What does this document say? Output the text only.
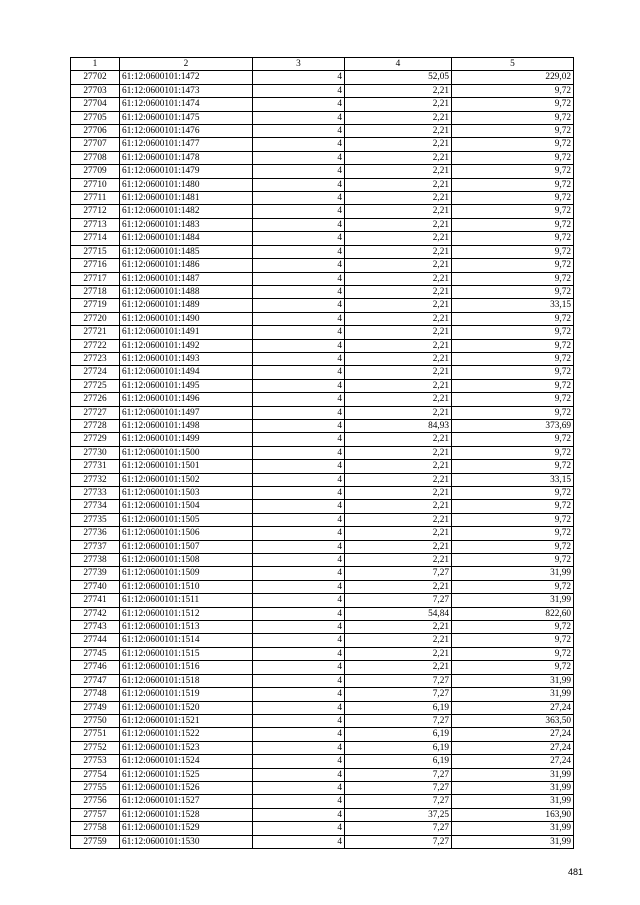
1	2	3	4	5
27702	61:12:0600101:1472	4	52,05	229,02
27703	61:12:0600101:1473	4	2,21	9,72
27704	61:12:0600101:1474	4	2,21	9,72
27705	61:12:0600101:1475	4	2,21	9,72
27706	61:12:0600101:1476	4	2,21	9,72
27707	61:12:0600101:1477	4	2,21	9,72
27708	61:12:0600101:1478	4	2,21	9,72
27709	61:12:0600101:1479	4	2,21	9,72
27710	61:12:0600101:1480	4	2,21	9,72
27711	61:12:0600101:1481	4	2,21	9,72
27712	61:12:0600101:1482	4	2,21	9,72
27713	61:12:0600101:1483	4	2,21	9,72
27714	61:12:0600101:1484	4	2,21	9,72
27715	61:12:0600101:1485	4	2,21	9,72
27716	61:12:0600101:1486	4	2,21	9,72
27717	61:12:0600101:1487	4	2,21	9,72
27718	61:12:0600101:1488	4	2,21	9,72
27719	61:12:0600101:1489	4	2,21	33,15
27720	61:12:0600101:1490	4	2,21	9,72
27721	61:12:0600101:1491	4	2,21	9,72
27722	61:12:0600101:1492	4	2,21	9,72
27723	61:12:0600101:1493	4	2,21	9,72
27724	61:12:0600101:1494	4	2,21	9,72
27725	61:12:0600101:1495	4	2,21	9,72
27726	61:12:0600101:1496	4	2,21	9,72
27727	61:12:0600101:1497	4	2,21	9,72
27728	61:12:0600101:1498	4	84,93	373,69
27729	61:12:0600101:1499	4	2,21	9,72
27730	61:12:0600101:1500	4	2,21	9,72
27731	61:12:0600101:1501	4	2,21	9,72
27732	61:12:0600101:1502	4	2,21	33,15
27733	61:12:0600101:1503	4	2,21	9,72
27734	61:12:0600101:1504	4	2,21	9,72
27735	61:12:0600101:1505	4	2,21	9,72
27736	61:12:0600101:1506	4	2,21	9,72
27737	61:12:0600101:1507	4	2,21	9,72
27738	61:12:0600101:1508	4	2,21	9,72
27739	61:12:0600101:1509	4	7,27	31,99
27740	61:12:0600101:1510	4	2,21	9,72
27741	61:12:0600101:1511	4	7,27	31,99
27742	61:12:0600101:1512	4	54,84	822,60
27743	61:12:0600101:1513	4	2,21	9,72
27744	61:12:0600101:1514	4	2,21	9,72
27745	61:12:0600101:1515	4	2,21	9,72
27746	61:12:0600101:1516	4	2,21	9,72
27747	61:12:0600101:1518	4	7,27	31,99
27748	61:12:0600101:1519	4	7,27	31,99
27749	61:12:0600101:1520	4	6,19	27,24
27750	61:12:0600101:1521	4	7,27	363,50
27751	61:12:0600101:1522	4	6,19	27,24
27752	61:12:0600101:1523	4	6,19	27,24
27753	61:12:0600101:1524	4	6,19	27,24
27754	61:12:0600101:1525	4	7,27	31,99
27755	61:12:0600101:1526	4	7,27	31,99
27756	61:12:0600101:1527	4	7,27	31,99
27757	61:12:0600101:1528	4	37,25	163,90
27758	61:12:0600101:1529	4	7,27	31,99
27759	61:12:0600101:1530	4	7,27	31,99
481
